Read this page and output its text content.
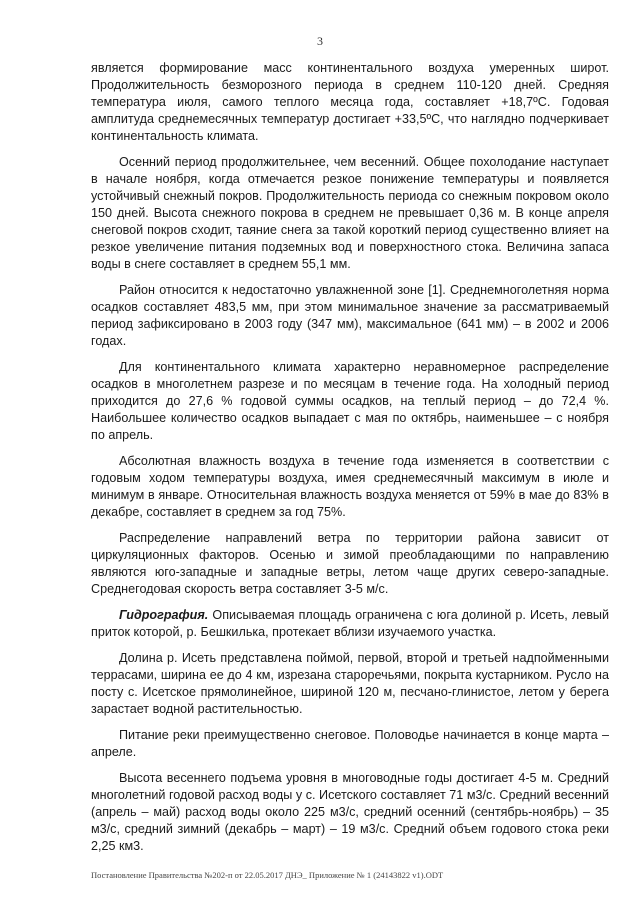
3

является формирование масс континентального воздуха умеренных широт. Продолжительность безморозного периода в среднем 110-120 дней. Средняя температура июля, самого теплого месяца года, составляет +18,7ºС. Годовая амплитуда среднемесячных температур достигает +33,5ºС, что наглядно подчеркивает континентальность климата.

Осенний период продолжительнее, чем весенний. Общее похолодание наступает в начале ноября, когда отмечается резкое понижение температуры и появляется устойчивый снежный покров. Продолжительность периода со снежным покровом около 150 дней. Высота снежного покрова в среднем не превышает 0,36 м. В конце апреля снеговой покров сходит, таяние снега за такой короткий период существенно влияет на резкое увеличение питания подземных вод и поверхностного стока. Величина запаса воды в снеге составляет в среднем 55,1 мм.

Район относится к недостаточно увлажненной зоне [1]. Среднемноголетняя норма осадков составляет 483,5 мм, при этом минимальное значение за рассматриваемый период зафиксировано в 2003 году (347 мм), максимальное (641 мм) – в 2002 и 2006 годах.

Для континентального климата характерно неравномерное распределение осадков в многолетнем разрезе и по месяцам в течение года. На холодный период приходится до 27,6 % годовой суммы осадков, на теплый период – до 72,4 %. Наибольшее количество осадков выпадает с мая по октябрь, наименьшее – с ноября по апрель.

Абсолютная влажность воздуха в течение года изменяется в соответствии с годовым ходом температуры воздуха, имея среднемесячный максимум в июле и минимум в январе. Относительная влажность воздуха меняется от 59% в мае до 83% в декабре, составляет в среднем за год 75%.

Распределение направлений ветра по территории района зависит от циркуляционных факторов. Осенью и зимой преобладающими по направлению являются юго-западные и западные ветры, летом чаще других северо-западные. Среднегодовая скорость ветра составляет 3-5 м/с.

Гидрография. Описываемая площадь ограничена с юга долиной р. Исеть, левый приток которой, р. Бешкилька, протекает вблизи изучаемого участка.

Долина р. Исеть представлена поймой, первой, второй и третьей надпойменными террасами, ширина ее до 4 км, изрезана староречьями, покрыта кустарником. Русло на посту с. Исетское прямолинейное, шириной 120 м, песчано-глинистое, летом у берега зарастает водной растительностью.

Питание реки преимущественно снеговое. Половодье начинается в конце марта – апреле.

Высота весеннего подъема уровня в многоводные годы достигает 4-5 м. Средний многолетний годовой расход воды у с. Исетского составляет 71 м3/с. Средний весенний (апрель – май) расход воды около 225 м3/с, средний осенний (сентябрь-ноябрь) – 35 м3/с, средний зимний (декабрь – март) – 19 м3/с. Средний объем годового стока реки 2,25 км3.

Постановление Правительства №202-п от 22.05.2017 ДНЭ_ Приложение № 1 (24143822 v1).ODT
